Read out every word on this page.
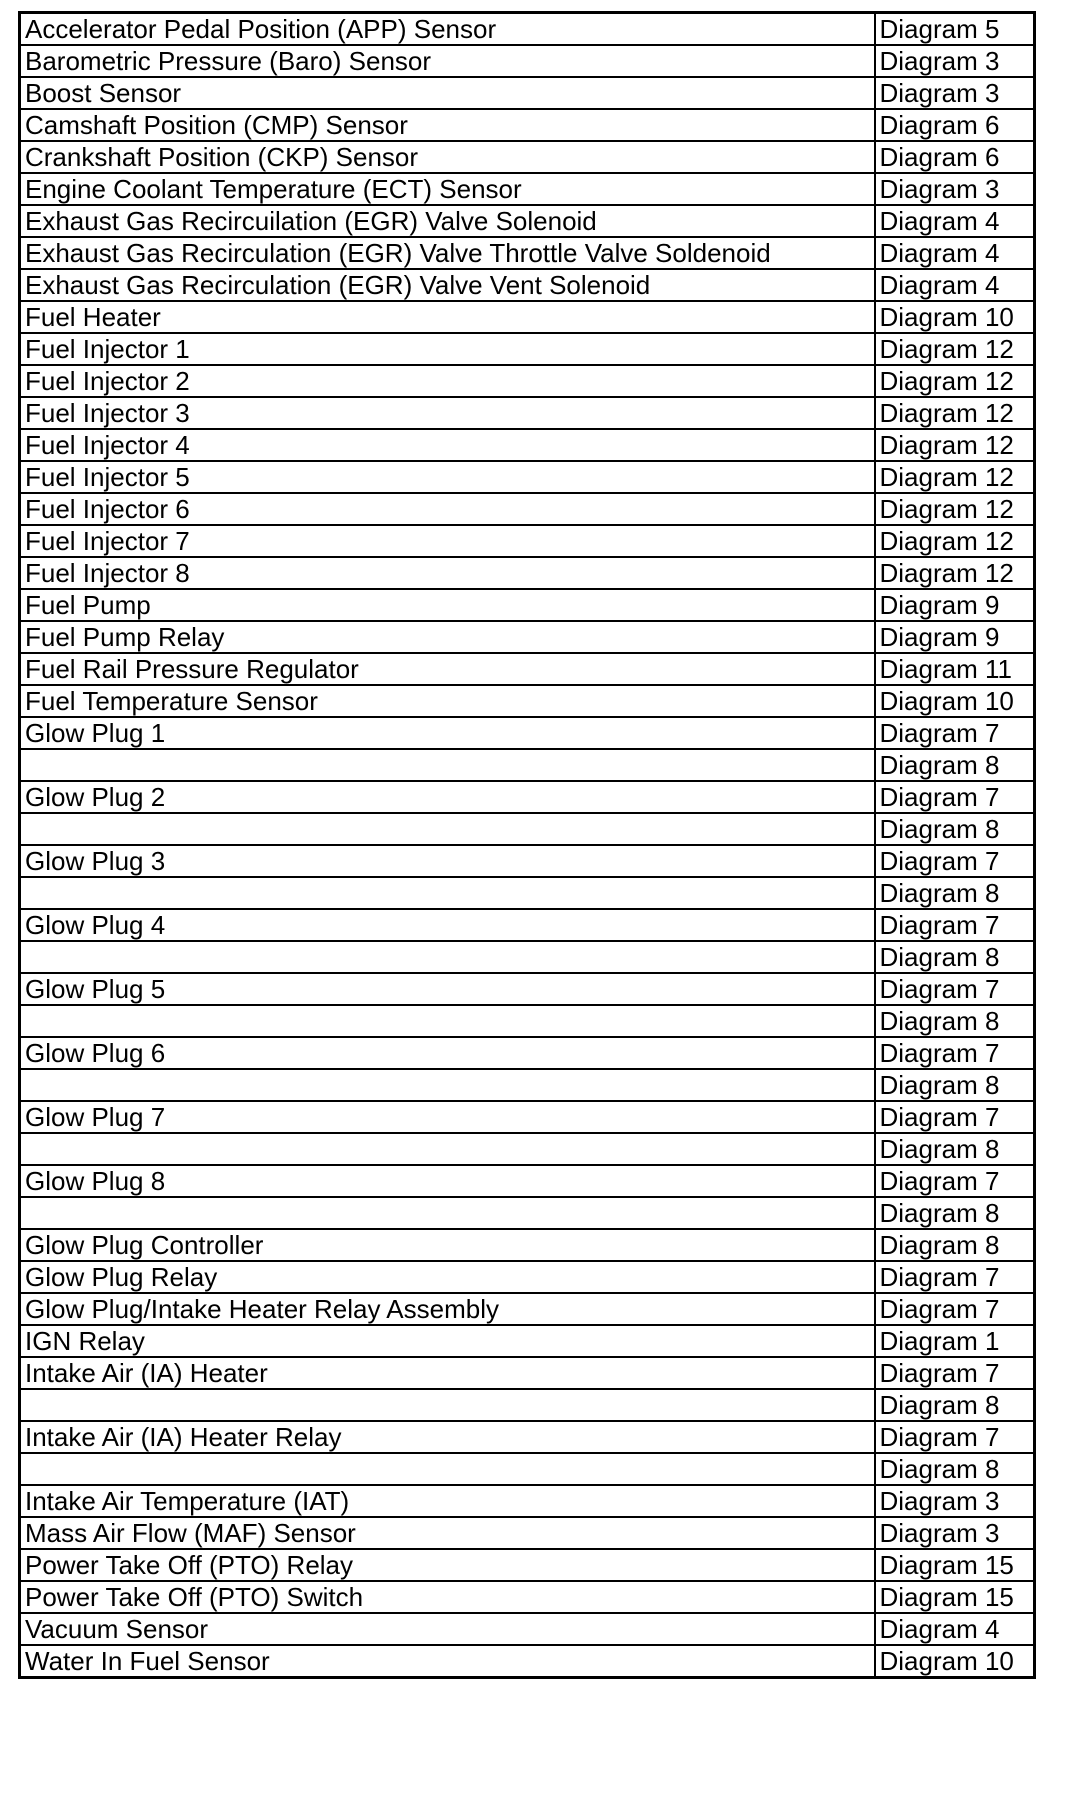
Accelerator Pedal Position (APP) Sensor	Diagram 5
Barometric Pressure (Baro) Sensor	Diagram 3
Boost Sensor	Diagram 3
Camshaft Position (CMP) Sensor	Diagram 6
Crankshaft Position (CKP) Sensor	Diagram 6
Engine Coolant Temperature (ECT) Sensor	Diagram 3
Exhaust Gas Recircuilation (EGR) Valve Solenoid	Diagram 4
Exhaust Gas Recirculation (EGR) Valve Throttle Valve Soldenoid	Diagram 4
Exhaust Gas Recirculation (EGR) Valve Vent Solenoid	Diagram 4
Fuel Heater	Diagram 10
Fuel Injector 1	Diagram 12
Fuel Injector 2	Diagram 12
Fuel Injector 3	Diagram 12
Fuel Injector 4	Diagram 12
Fuel Injector 5	Diagram 12
Fuel Injector 6	Diagram 12
Fuel Injector 7	Diagram 12
Fuel Injector 8	Diagram 12
Fuel Pump	Diagram 9
Fuel Pump Relay	Diagram 9
Fuel Rail Pressure Regulator	Diagram 11
Fuel Temperature Sensor	Diagram 10
Glow Plug 1	Diagram 7
	Diagram 8
Glow Plug 2	Diagram 7
	Diagram 8
Glow Plug 3	Diagram 7
	Diagram 8
Glow Plug 4	Diagram 7
	Diagram 8
Glow Plug 5	Diagram 7
	Diagram 8
Glow Plug 6	Diagram 7
	Diagram 8
Glow Plug 7	Diagram 7
	Diagram 8
Glow Plug 8	Diagram 7
	Diagram 8
Glow Plug Controller	Diagram 8
Glow Plug Relay	Diagram 7
Glow Plug/Intake Heater Relay Assembly	Diagram 7
IGN Relay	Diagram 1
Intake Air (IA) Heater	Diagram 7
	Diagram 8
Intake Air (IA) Heater Relay	Diagram 7
	Diagram 8
Intake Air Temperature (IAT)	Diagram 3
Mass Air Flow (MAF) Sensor	Diagram 3
Power Take Off (PTO) Relay	Diagram 15
Power Take Off (PTO) Switch	Diagram 15
Vacuum Sensor	Diagram 4
Water In Fuel Sensor	Diagram 10
